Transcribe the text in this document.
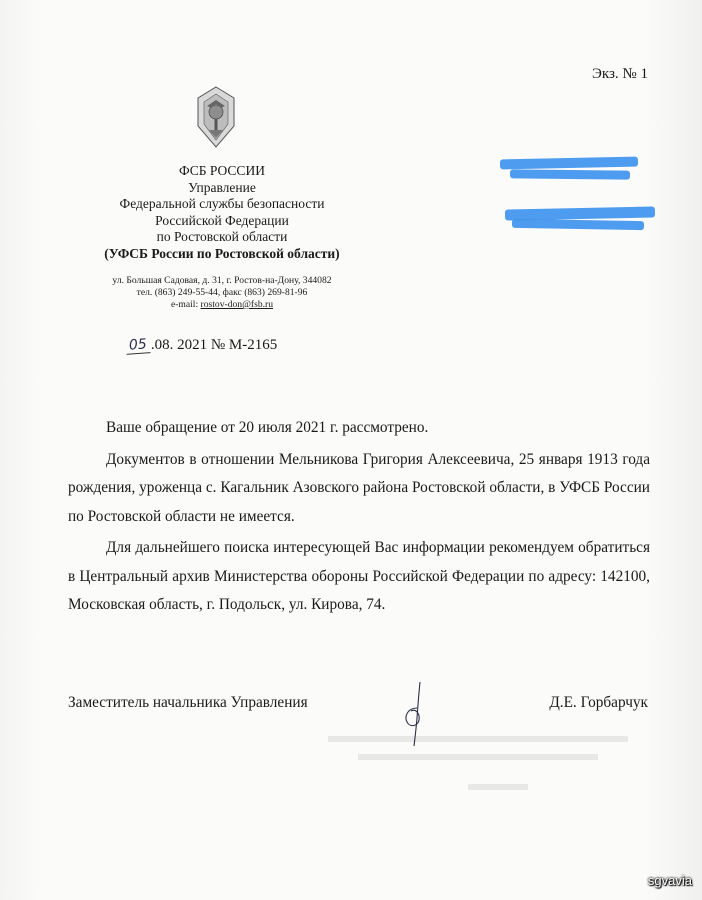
Экз. № 1
ФСБ РОССИИ
Управление
Федеральной службы безопасности
Российской Федерации
по Ростовской области
(УФСБ России по Ростовской области)
ул. Большая Садовая, д. 31, г. Ростов-на-Дону, 344082
тел. (863) 249-55-44, факс (863) 269-81-96
e-mail: rostov-don@fsb.ru
05 .08. 2021 № М-2165

Ваше обращение от 20 июля 2021 г. рассмотрено.

Документов в отношении Мельникова Григория Алексеевича, 25 января 1913 года рождения, уроженца с. Кагальник Азовского района Ростовской области, в УФСБ России по Ростовской области не имеется.

Для дальнейшего поиска интересующей Вас информации рекомендуем обратиться в Центральный архив Министерства обороны Российской Федерации по адресу: 142100, Московская область, г. Подольск, ул. Кирова, 74.

Заместитель начальника Управления	Д.Е. Горбарчук
sgvavia
